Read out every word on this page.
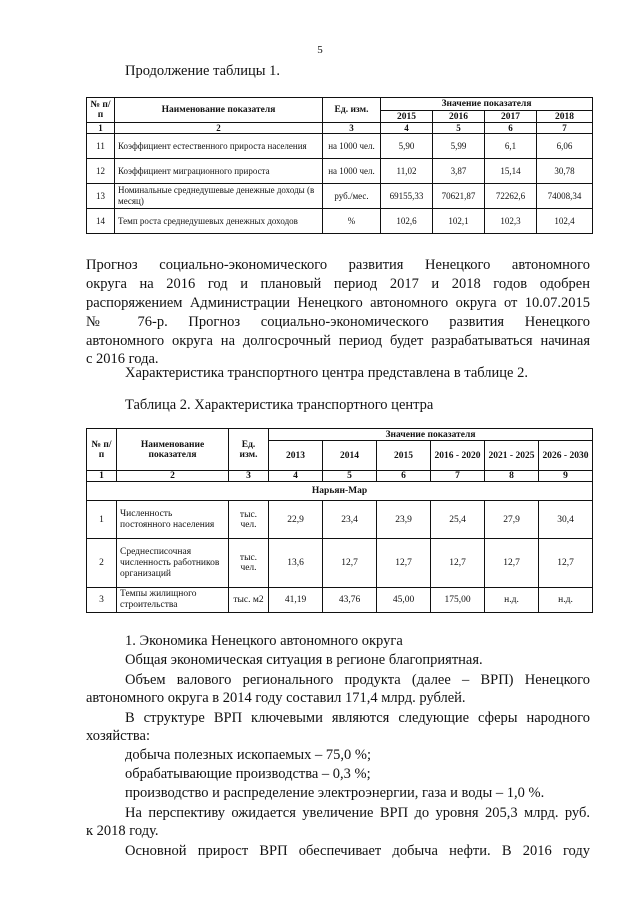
5
Продолжение таблицы 1.
№ п/п	Наименование показателя	Ед. изм.	Значение показателя			
			2015	2016	2017	2018
1	2	3	4	5	6	7
11	Коэффициент естественного прироста населения	на 1000 чел.	5,90	5,99	6,1	6,06
12	Коэффициент миграционного прироста	на 1000 чел.	11,02	3,87	15,14	30,78
13	Номинальные среднедушевые денежные доходы (в месяц)	руб./мес.	69155,33	70621,87	72262,6	74008,34
14	Темп роста среднедушевых денежных доходов	%	102,6	102,1	102,3	102,4
Прогноз социально-экономического развития Ненецкого автономного
округа на 2016 год и плановый период 2017 и 2018 годов одобрен
распоряжением Администрации Ненецкого автономного округа от 10.07.2015
№ 76-р. Прогноз социально-экономического развития Ненецкого
автономного округа на долгосрочный период будет разрабатываться начиная
с 2016 года.
Характеристика транспортного центра представлена в таблице 2.
Таблица 2. Характеристика транспортного центра
№ п/п	Наименование показателя	Ед. изм.	Значение показателя					
			2013	2014	2015	2016 - 2020	2021 - 2025	2026 - 2030
1	2	3	4	5	6	7	8	9
Нарьян-Мар								
1	Численность постоянного населения	тыс. чел.	22,9	23,4	23,9	25,4	27,9	30,4
2	Среднесписочная численность работников организаций	тыс. чел.	13,6	12,7	12,7	12,7	12,7	12,7
3	Темпы жилищного строительства	тыс. м2	41,19	43,76	45,00	175,00	н.д.	н.д.
1. Экономика Ненецкого автономного округа
Общая экономическая ситуация в регионе благоприятная.
Объем валового регионального продукта (далее – ВРП) Ненецкого
автономного округа в 2014 году составил 171,4 млрд. рублей.
В структуре ВРП ключевыми являются следующие сферы народного
хозяйства:
добыча полезных ископаемых – 75,0 %;
обрабатывающие производства – 0,3 %;
производство и распределение электроэнергии, газа и воды – 1,0 %.
На перспективу ожидается увеличение ВРП до уровня 205,3 млрд. руб.
к 2018 году.
Основной прирост ВРП обеспечивает добыча нефти. В 2016 году
